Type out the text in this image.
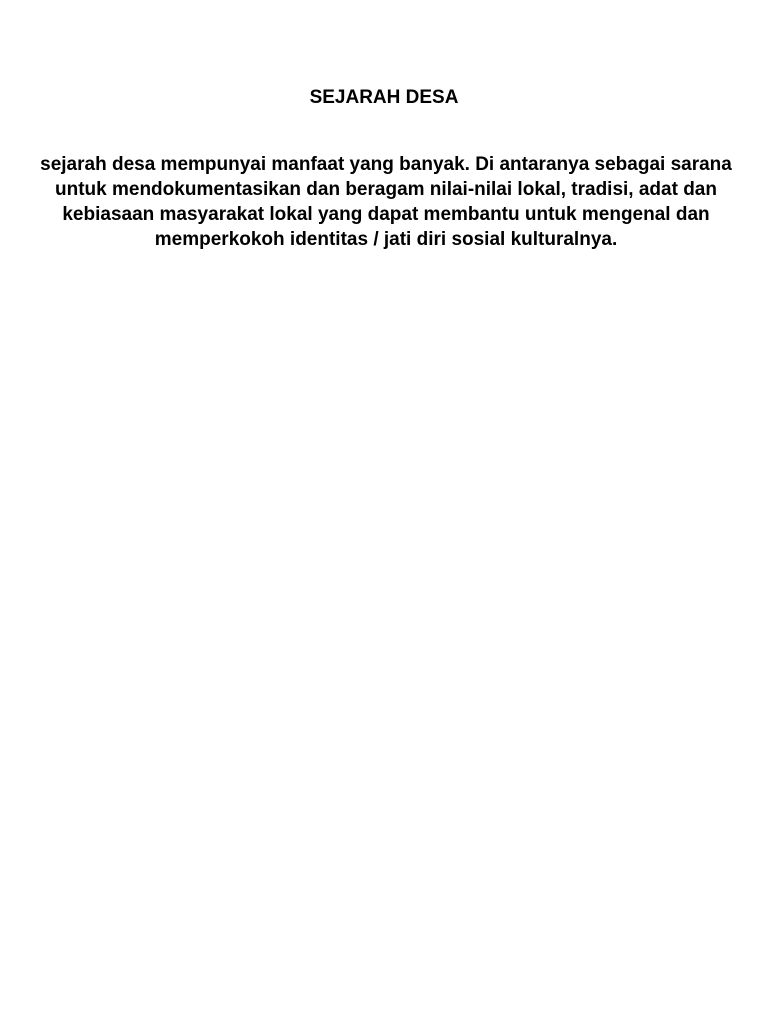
SEJARAH DESA

sejarah desa mempunyai manfaat yang banyak. Di antaranya sebagai sarana untuk mendokumentasikan dan beragam nilai-nilai lokal, tradisi, adat dan kebiasaan masyarakat lokal yang dapat membantu untuk mengenal dan memperkokoh identitas / jati diri sosial kulturalnya.
